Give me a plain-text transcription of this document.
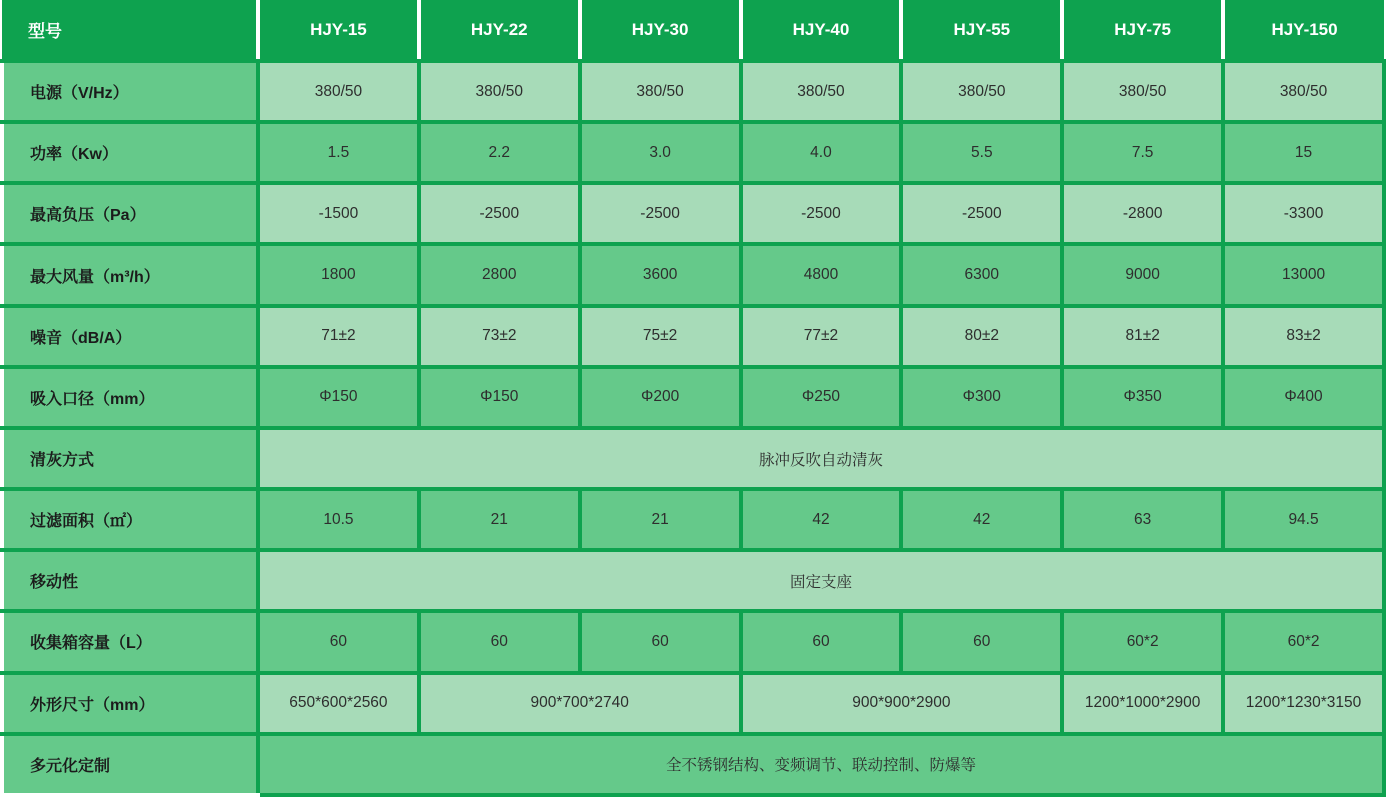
型号	HJY-15	HJY-22	HJY-30	HJY-40	HJY-55	HJY-75	HJY-150
电源（V/Hz）	380/50	380/50	380/50	380/50	380/50	380/50	380/50
功率（Kw）	1.5	2.2	3.0	4.0	5.5	7.5	15
最高负压（Pa）	-1500	-2500	-2500	-2500	-2500	-2800	-3300
最大风量（m³/h）	1800	2800	3600	4800	6300	9000	13000
噪音（dB/A）	71±2	73±2	75±2	77±2	80±2	81±2	83±2
吸入口径（mm）	Φ150	Φ150	Φ200	Φ250	Φ300	Φ350	Φ400
清灰方式	脉冲反吹自动清灰						
过滤面积（㎡）	10.5	21	21	42	42	63	94.5
移动性	固定支座						
收集箱容量（L）	60	60	60	60	60	60*2	60*2
外形尺寸（mm）	650*600*2560	900*700*2740		900*900*2900		1200*1000*2900	1200*1230*3150
多元化定制	全不锈钢结构、变频调节、联动控制、防爆等						
